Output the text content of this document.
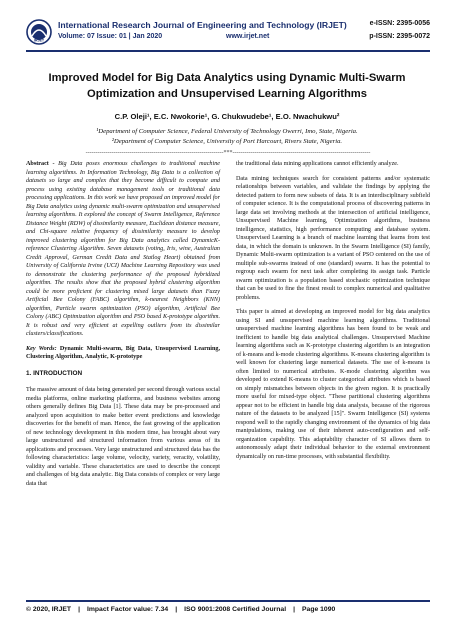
IRJET
International Research Journal of Engineering and Technology (IRJET)
Volume: 07 Issue: 01 | Jan 2020	www.irjet.net
e-ISSN: 2395-0056
p-ISSN: 2395-0072
Improved Model for Big Data Analytics using Dynamic Multi-Swarm Optimization and Unsupervised Learning Algorithms
C.P. Oleji¹, E.C. Nwokorie¹, G. Chukwudebe¹, E.O. Nwachukwu²
¹Department of Computer Science, Federal University of Technology Owerri, Imo, State, Nigeria.
²Department of Computer Science, University of Port Harcourt, Rivers State, Nigeria.
---------------------------------------------------------------------***---------------------------------------------------------------------

Abstract - Big Data poses enormous challenges to traditional machine learning algorithms. In Information Technology, Big Data is a collection of datasets so large and complex that they become difficult to compute and process using existing database management tools or traditional data processing applications. In this work we have proposed an improved model for Big Data analytics using dynamic multi-swarm optimization and unsupervised learning algorithms. It explored the concept of Swarm Intelligence, Reference Distance Weight (RDW) of dissimilarity measure, Euclidean distance measure, and Chi-square relative frequency of dissimilarity measure to develop improved clustering algorithm for Big Data analytics called DynamicK-reference Clustering Algorithm. Seven datasets (voting, Iris, wine, Australian Credit Approval, German Credit Data and Statlog Heart) obtained from University of California Irvine (UCI) Machine Learning Repository was used to demonstrate the clustering performance of the proposed hybridized algorithm. The results show that the proposed hybrid clustering algorithm could be more proficient for clustering mixed large datasets than Fuzzy Artificial Bee Colony (FABC) algorithm, k-nearest Neighbors (KNN) algorithm, Particle swarm optimization (PSO) algorithm, Artificial Bee Colony (ABC) Optimization algorithm and PSO based K-prototype algorithm. It is robust and very efficient at expelling outliers from its dissimilar clusters/classifications.

Key Words: Dynamic Multi-swarm, Big Data, Unsupervised Learning, Clustering Algorithm, Analytic, K-prototype

1. INTRODUCTION

The massive amount of data being generated per second through various social media platforms, online marketing platforms, and business websites among others generally defines Big Data [1]. These data may be pre-processed and analyzed upon acquisition to make better event predictions and knowledge discoveries for the benefit of man. Hence, the fast growing of the application of new technology development in this modern time, has brought about vary large unstructured and structured information from various areas of its applications and processes. Very large unstructured and structured data has the following characteristics: large volume, velocity, variety, veracity, volatility, validity and variable. These characteristics are used to describe the concept and challenges of big data analytic. Big Data consists of complex or very large data that

the traditional data mining applications cannot efficiently analyze.

Data mining techniques search for consistent patterns and/or systematic relationships between variables, and validate the findings by applying the detected pattern to form new subsets of data. It is an interdisciplinary subfield of computer science. It is the computational process of discovering patterns in large data set involving methods at the intersection of artificial intelligence, Unsupervised Machine learning, Optimization algorithms, business intelligence, statistics, high performance computing and database system. Unsupervised Learning is a branch of machine learning that learns from test data, in which the domain is unknown. In the Swarm Intelligence (SI) family, Dynamic Multi-swarm optimization is a variant of PSO centered on the use of multiple sub-swarms instead of one (standard) swarm. It has the potential to regroup each swarm for next task after completing its assign task. Particle swarm optimization is a population based stochastic optimization technique that can be used to fine the finest result to complex numerical and qualitative problems.

This paper is aimed at developing an improved model for big data analytics using SI and unsupervised machine learning algorithms. Traditional unsupervised machine learning algorithms has been found to be weak and inefficient to handle big data analytical challenges. Unsupervised Machine learning algorithms such as K-prototype clustering algorithm is an integration of k-means and k-mode clustering algorithms. K-means clustering algorithm is well known for clustering large numerical datasets. The use of k-means is often limited to numerical attributes. K-mode clustering algorithm was developed to extend K-means to cluster categorical attributes which is based on simply mismatches between objects in the given region. It is practically more useful for mixed-type object. "These partitional clustering algorithms appear not to be efficient in handle big data analysis, because of the rigorous nature of the datasets to be analyzed [15]". Swarm Intelligence (SI) systems respond well to the rapidly changing environment of the dynamics of big data manipulations, making use of their inherent auto-configuration and self-organization capability. This adaptability character of SI allows them to autonomously adapt their individual behavior to the external environment dynamically on run-time processes, with substantial flexibility.

© 2020, IRJET | Impact Factor value: 7.34 | ISO 9001:2008 Certified Journal | Page 1090
